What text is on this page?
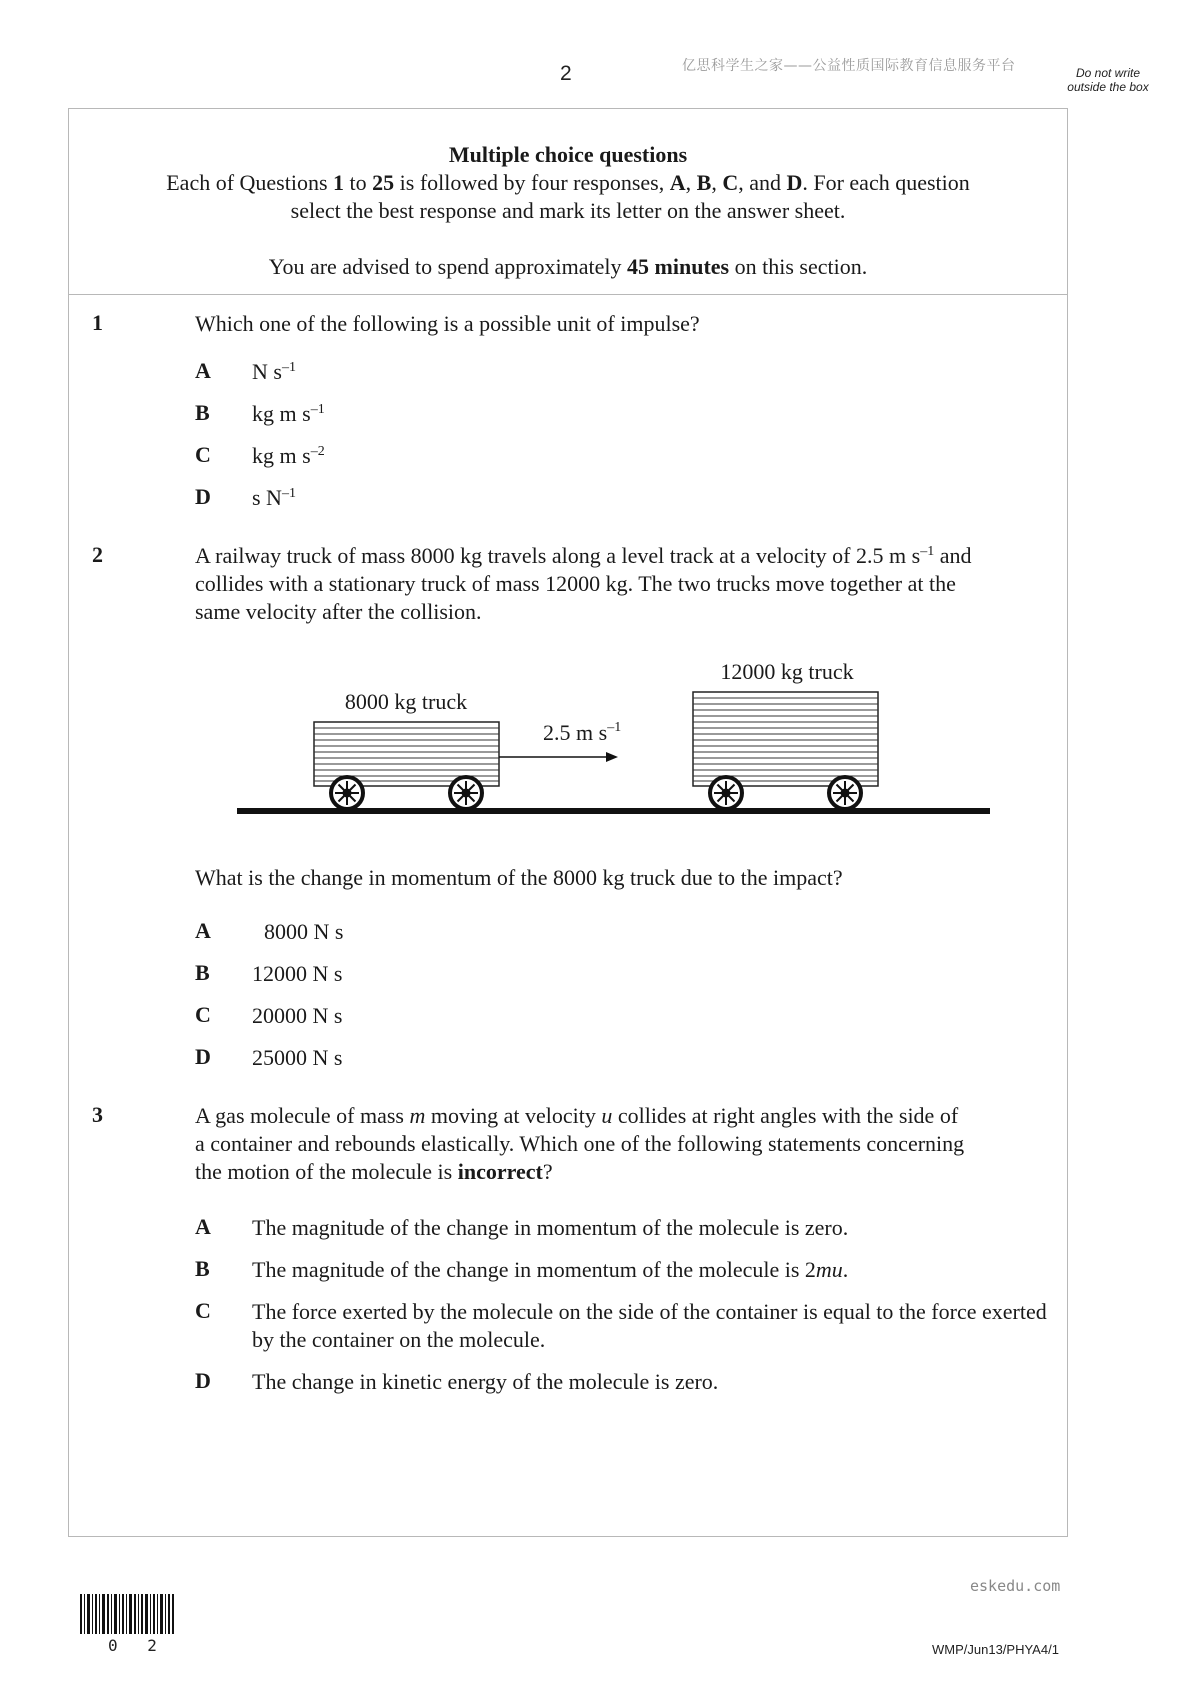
2	亿思科学生之家——公益性质国际教育信息服务平台	Do not write outside the box
Multiple choice questions
Each of Questions 1 to 25 is followed by four responses, A, B, C, and D. For each question
select the best response and mark its letter on the answer sheet.
You are advised to spend approximately 45 minutes on this section.
1	Which one of the following is a possible unit of impulse?
A N $s^{-1}$
B kg m $s^{-1}$
C kg m $s^{-2}$
D s $N^{-1}$
2	A railway truck of mass 8000 kg travels along a level track at a velocity of 2.5 m $s^{-1}$ and
collides with a stationary truck of mass 12000 kg. The two trucks move together at the
same velocity after the collision.
8000 kg truck
12000 kg truck
2.5 m $s^{-1}$
What is the change in momentum of the 8000 kg truck due to the impact?
A	8000 N s
B 12000 N s
C 20000 N s
D 25000 N s
3	A gas molecule of mass m moving at velocity u collides at right angles with the side of
a container and rebounds elastically. Which one of the following statements concerning
the motion of the molecule is incorrect?
A The magnitude of the change in momentum of the molecule is zero.
B The magnitude of the change in momentum of the molecule is 2mu.
C The force exerted by the molecule on the side of the container is equal to the force exerted by the container on the molecule.
D The change in kinetic energy of the molecule is zero.
eskedu.com
0 2	WMP/Jun13/PHYA4/1
